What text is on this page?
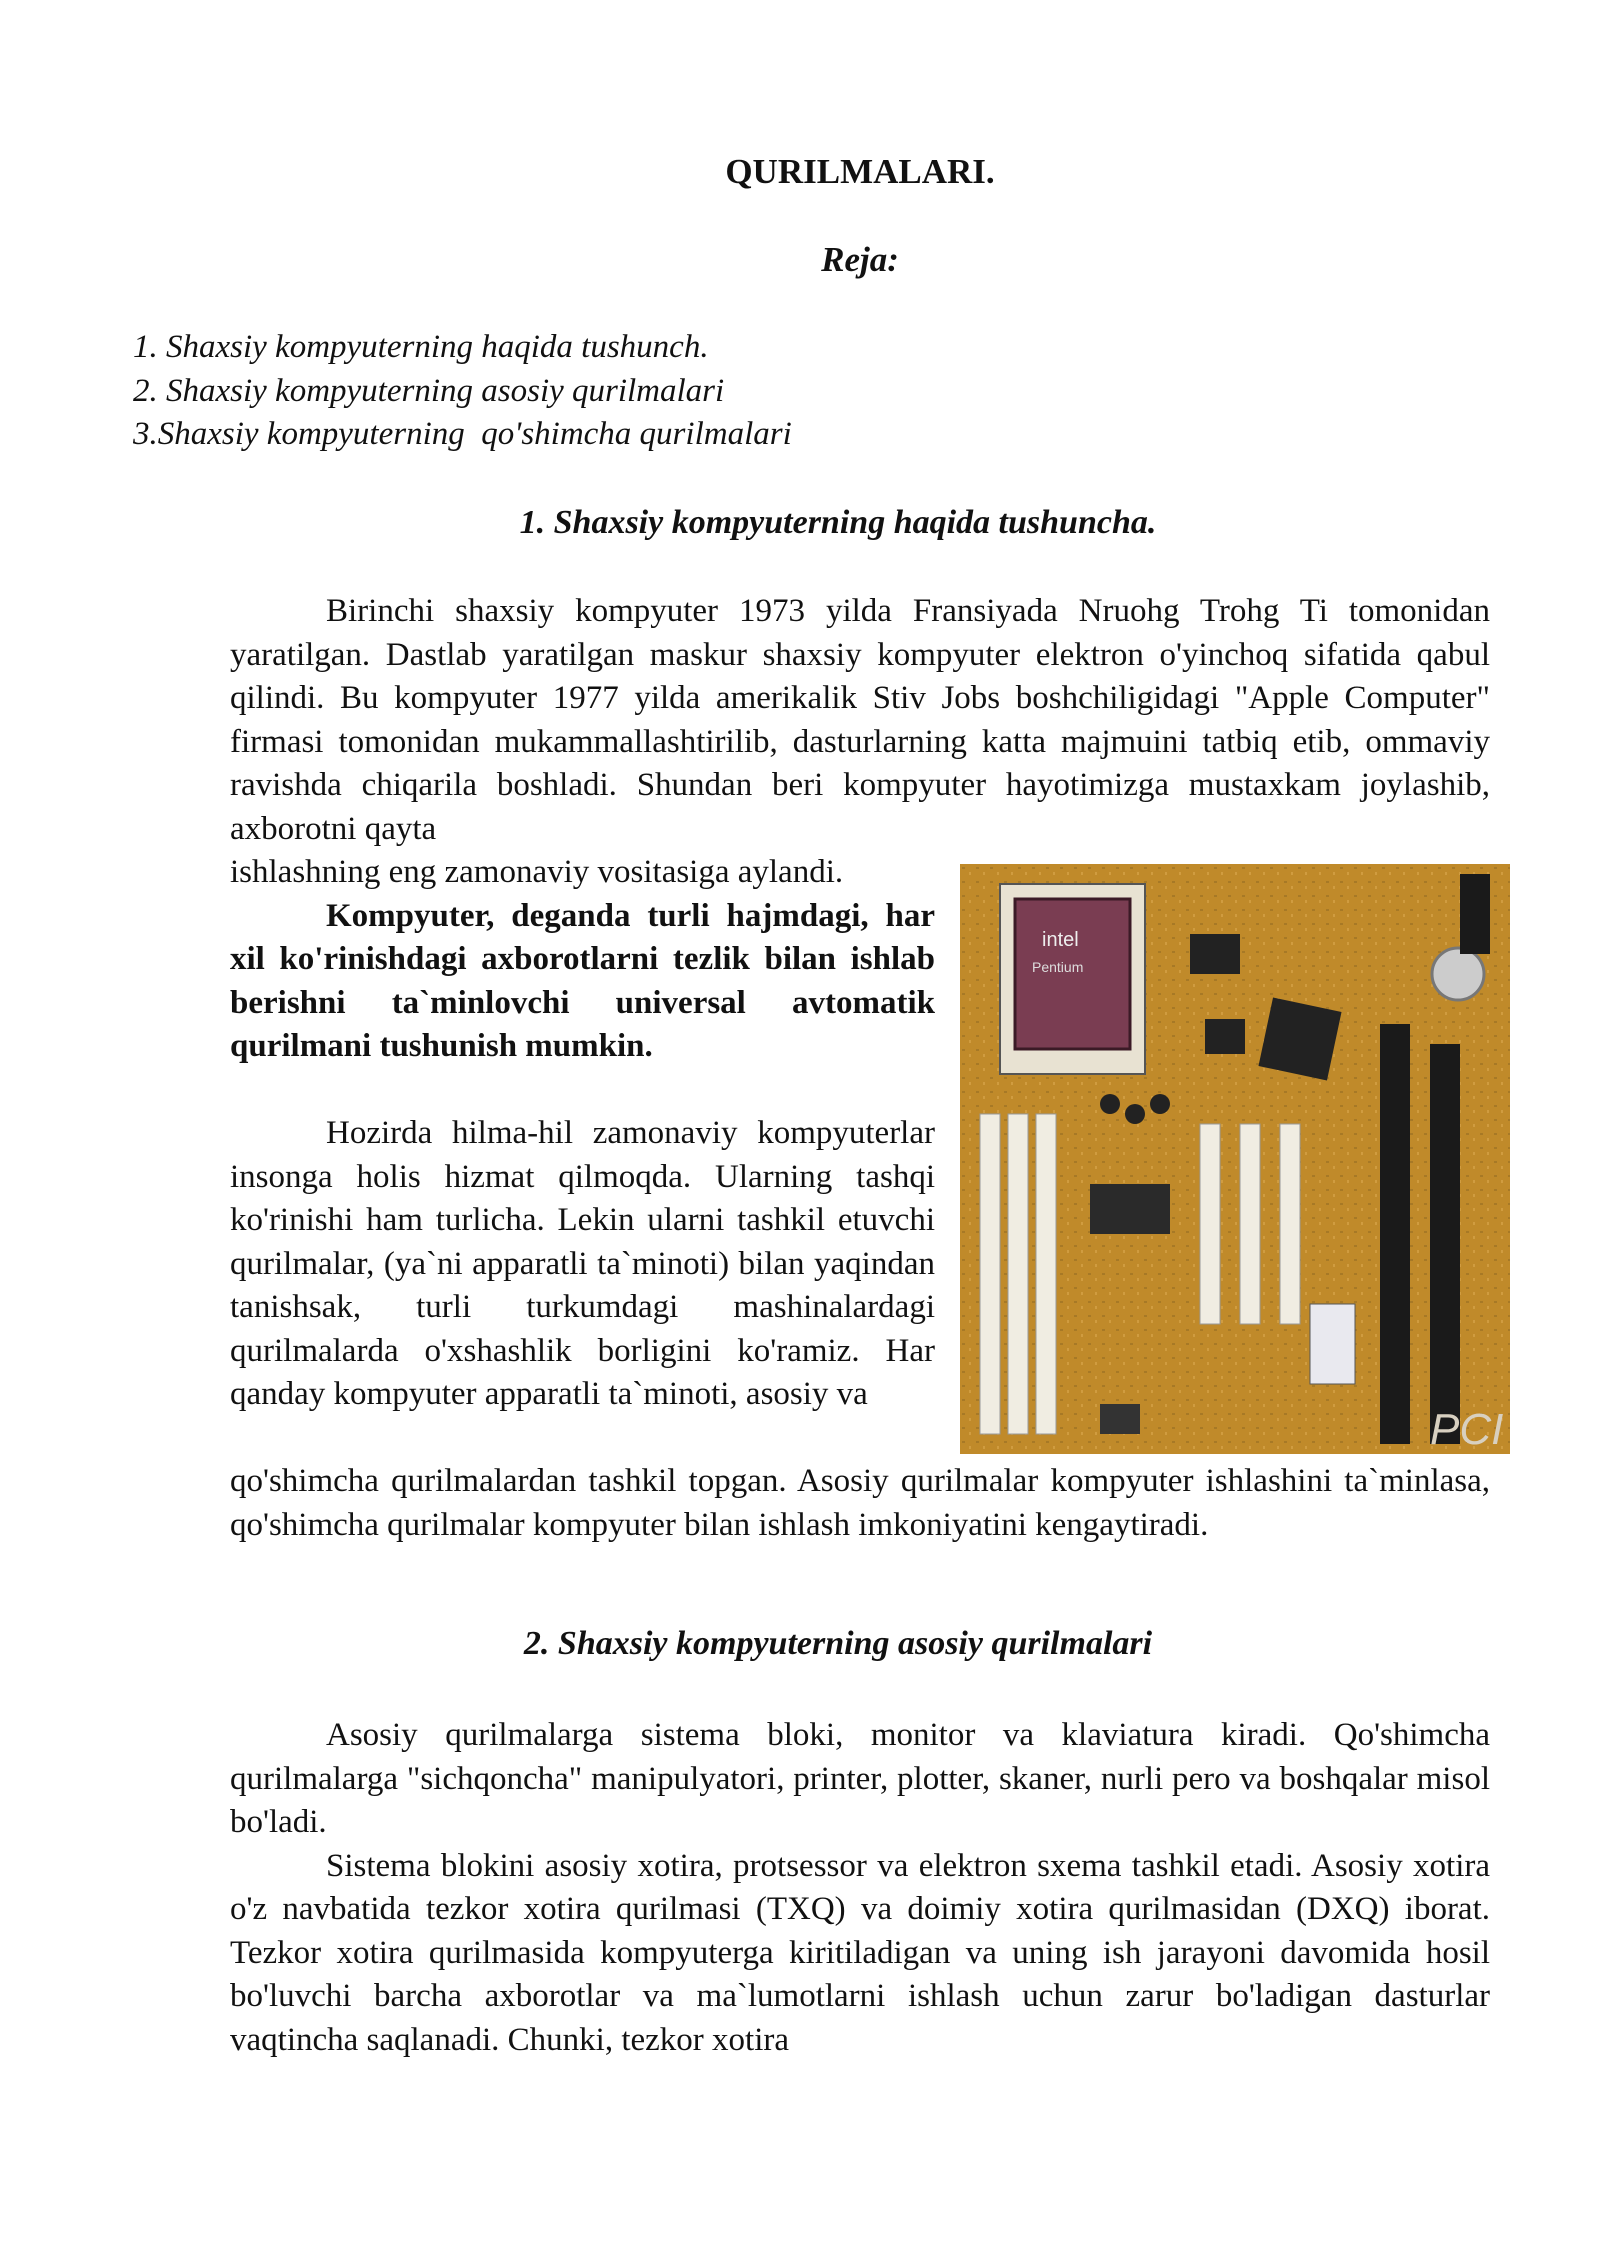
QURILMALARI.
Reja:
1. Shaxsiy kompyuterning haqida tushunch.
2. Shaxsiy kompyuterning asosiy qurilmalari
3.Shaxsiy kompyuterning  qo'shimcha qurilmalari
1. Shaxsiy kompyuterning haqida tushuncha.

Birinchi shaxsiy kompyuter 1973 yilda Fransiyada Nruohg Trohg Ti tomonidan yaratilgan. Dastlab yaratilgan maskur shaxsiy kompyuter elektron o'yinchoq sifatida qabul qilindi. Bu kompyuter 1977 yilda amerikalik Stiv Jobs boshchiligidagi "Apple Computer" firmasi tomonidan mukammallashtirilib, dasturlarning katta majmuini tatbiq etib, ommaviy ravishda chiqarila boshladi. Shundan beri kompyuter hayotimizga mustaxkam joylashib, axborotni qayta

ishlashning eng zamonaviy vositasiga aylandi.

Kompyuter, deganda turli hajmdagi, har xil ko'rinishdagi axborotlarni tezlik bilan ishlab berishni ta`minlovchi universal avtomatik qurilmani tushunish mumkin.

Hozirda hilma-hil zamonaviy kompyuterlar insonga holis hizmat qilmoqda. Ularning tashqi ko'rinishi ham turlicha. Lekin ularni tashkil etuvchi qurilmalar, (ya`ni apparatli ta`minoti) bilan yaqindan tanishsak, turli turkumdagi mashinalardagi qurilmalarda o'xshashlik borligini ko'ramiz. Har qanday kompyuter apparatli ta`minoti, asosiy va

qo'shimcha qurilmalardan tashkil topgan. Asosiy qurilmalar kompyuter ishlashini ta`minlasa, qo'shimcha qurilmalar kompyuter bilan ishlash imkoniyatini kengaytiradi.

intel
Pentium
PCI
2. Shaxsiy kompyuterning asosiy qurilmalari

Asosiy qurilmalarga sistema bloki, monitor va klaviatura kiradi. Qo'shimcha qurilmalarga "sichqoncha" manipulyatori, printer, plotter, skaner, nurli pero va boshqalar misol bo'ladi.

Sistema blokini asosiy xotira, protsessor va elektron sxema tashkil etadi. Asosiy xotira o'z navbatida tezkor xotira qurilmasi (TXQ) va doimiy xotira qurilmasidan (DXQ) iborat. Tezkor xotira qurilmasida kompyuterga kiritiladigan va uning ish jarayoni davomida hosil bo'luvchi barcha axborotlar va ma`lumotlarni ishlash uchun zarur bo'ladigan dasturlar vaqtincha saqlanadi. Chunki, tezkor xotira
